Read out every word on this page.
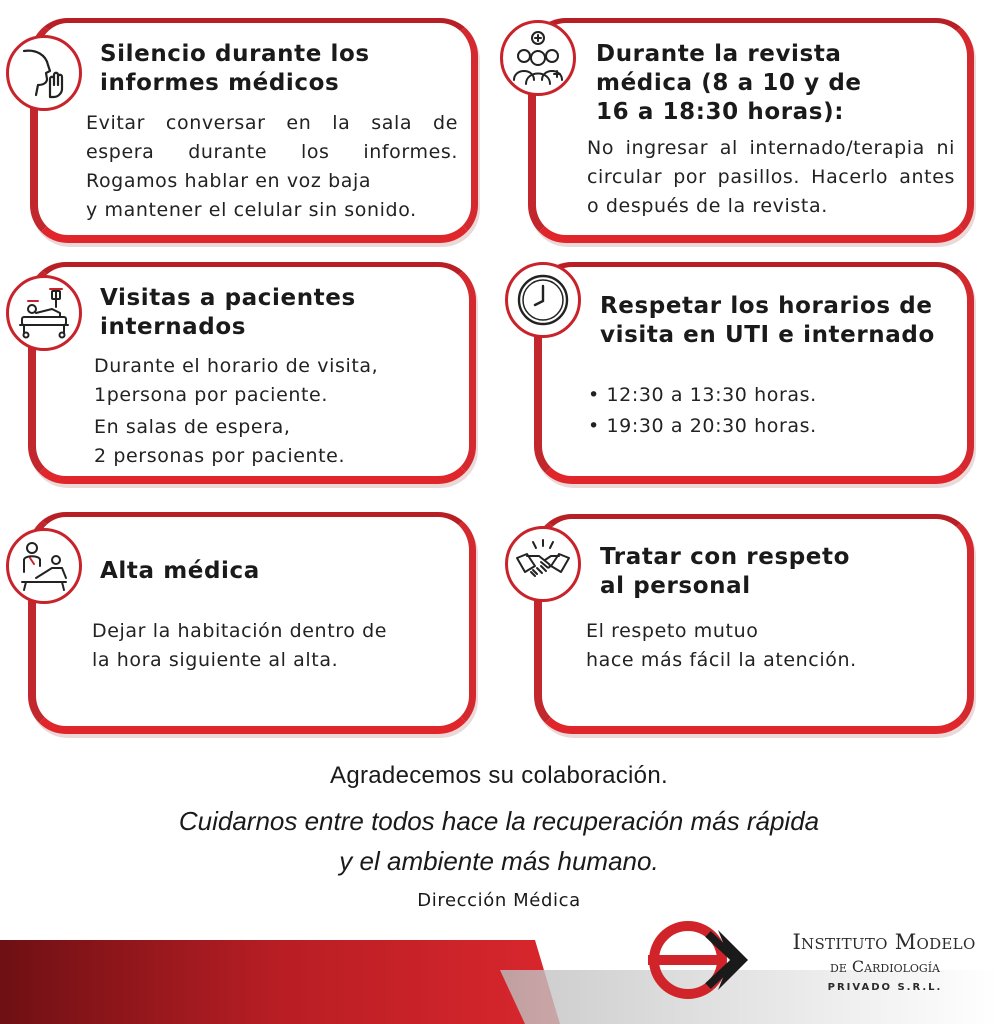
Silencio durante los
informes médicos
Evitar conversar en la sala de espera durante los informes. Rogamos hablar en voz baja
y mantener el celular sin sonido.
Durante la revista
médica (8 a 10 y de
16 a 18:30 horas):
No ingresar al internado/terapia ni circular por pasillos. Hacerlo antes o después de la revista.
Visitas a pacientes
internados
Durante el horario de visita,
1persona por paciente.
En salas de espera,
2 personas por paciente.
Respetar los horarios de
visita en UTI e internado
• 12:30 a 13:30 horas.
• 19:30 a 20:30 horas.
Alta médica
Dejar la habitación dentro de
la hora siguiente al alta.
Tratar con respeto
al personal
El respeto mutuo
hace más fácil la atención.
Agradecemos su colaboración.
Cuidarnos entre todos hace la recuperación más rápida
y el ambiente más humano.
Dirección Médica
Instituto Modelo
de Cardiología
PRIVADO S.R.L.
